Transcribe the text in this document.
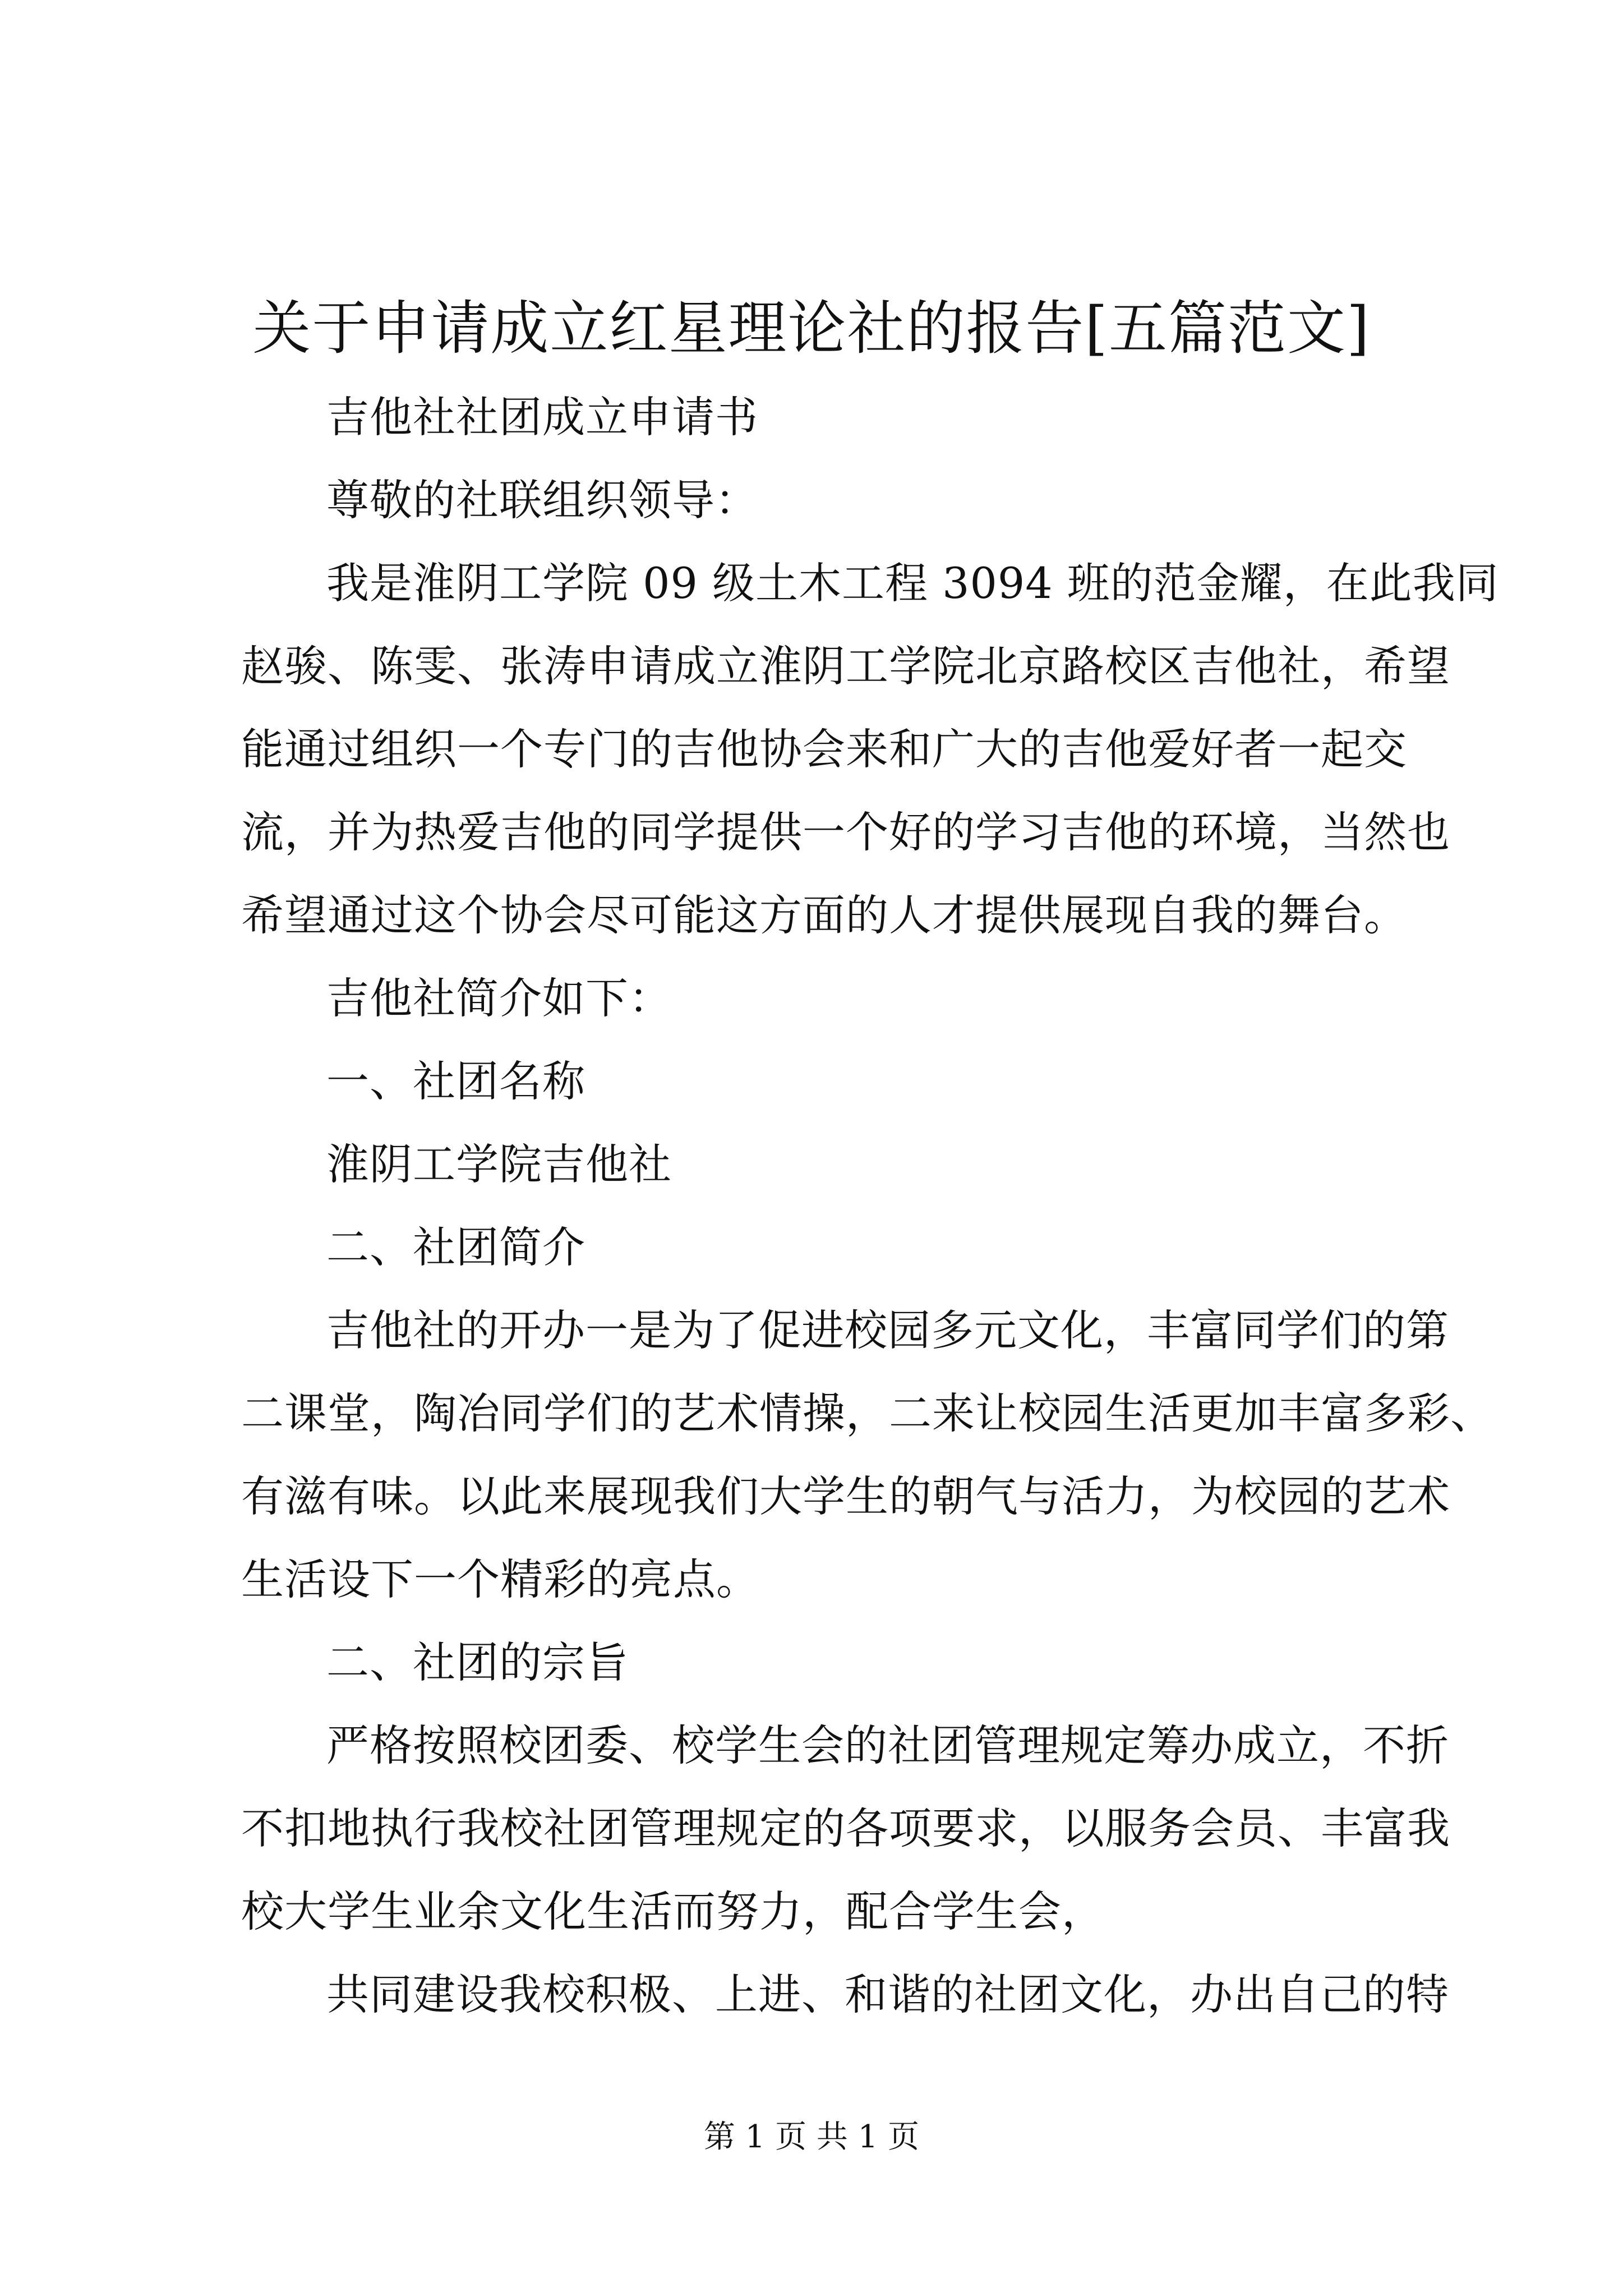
关于申请成立红星理论社的报告[五篇范文]

吉他社社团成立申请书

尊敬的社联组织领导：

我是淮阴工学院 09 级土木工程 3094 班的范金耀，在此我同
赵骏、陈雯、张涛申请成立淮阴工学院北京路校区吉他社，希望
能通过组织一个专门的吉他协会来和广大的吉他爱好者一起交
流，并为热爱吉他的同学提供一个好的学习吉他的环境，当然也
希望通过这个协会尽可能这方面的人才提供展现自我的舞台。

吉他社简介如下：

一、社团名称

淮阴工学院吉他社

二、社团简介

吉他社的开办一是为了促进校园多元文化，丰富同学们的第
二课堂，陶冶同学们的艺术情操，二来让校园生活更加丰富多彩、
有滋有味。以此来展现我们大学生的朝气与活力，为校园的艺术
生活设下一个精彩的亮点。

二、社团的宗旨

严格按照校团委、校学生会的社团管理规定筹办成立，不折
不扣地执行我校社团管理规定的各项要求，以服务会员、丰富我
校大学生业余文化生活而努力，配合学生会，

共同建设我校积极、上进、和谐的社团文化，办出自己的特

第 1 页 共 1 页
